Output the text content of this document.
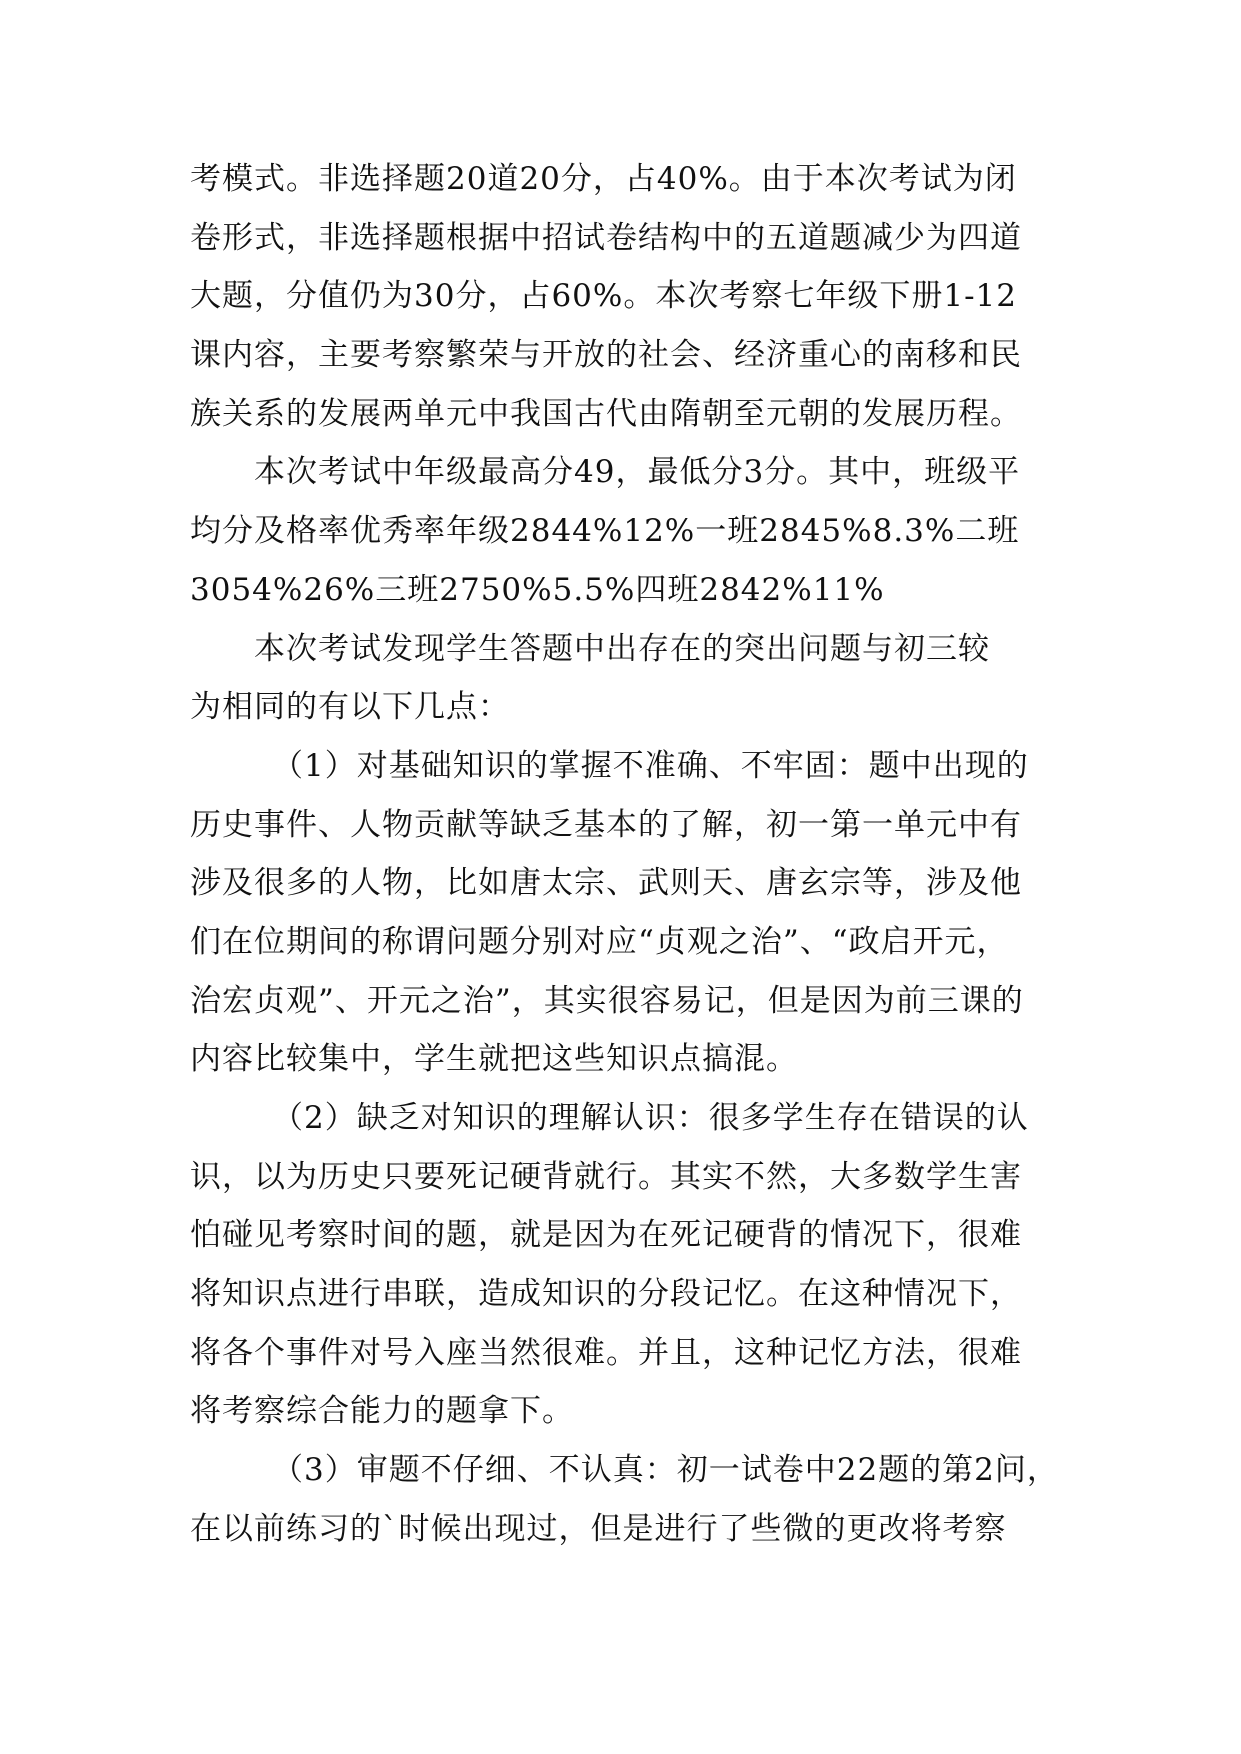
考模式。非选择题20道20分，占40%。由于本次考试为闭
卷形式，非选择题根据中招试卷结构中的五道题减少为四道
大题，分值仍为30分，占60%。本次考察七年级下册1-12
课内容，主要考察繁荣与开放的社会、经济重心的南移和民
族关系的发展两单元中我国古代由隋朝至元朝的发展历程。
本次考试中年级最高分49，最低分3分。其中，班级平
均分及格率优秀率年级2844%12%一班2845%8.3%二班
3054%26%三班2750%5.5%四班2842%11%
本次考试发现学生答题中出存在的突出问题与初三较
为相同的有以下几点：
（1）对基础知识的掌握不准确、不牢固：题中出现的
历史事件、人物贡献等缺乏基本的了解，初一第一单元中有
涉及很多的人物，比如唐太宗、武则天、唐玄宗等，涉及他
们在位期间的称谓问题分别对应“贞观之治”、“政启开元，
治宏贞观”、开元之治”，其实很容易记，但是因为前三课的
内容比较集中，学生就把这些知识点搞混。
（2）缺乏对知识的理解认识：很多学生存在错误的认
识，以为历史只要死记硬背就行。其实不然，大多数学生害
怕碰见考察时间的题，就是因为在死记硬背的情况下，很难
将知识点进行串联，造成知识的分段记忆。在这种情况下，
将各个事件对号入座当然很难。并且，这种记忆方法，很难
将考察综合能力的题拿下。
（3）审题不仔细、不认真：初一试卷中22题的第2问，
在以前练习的`时候出现过，但是进行了些微的更改将考察
